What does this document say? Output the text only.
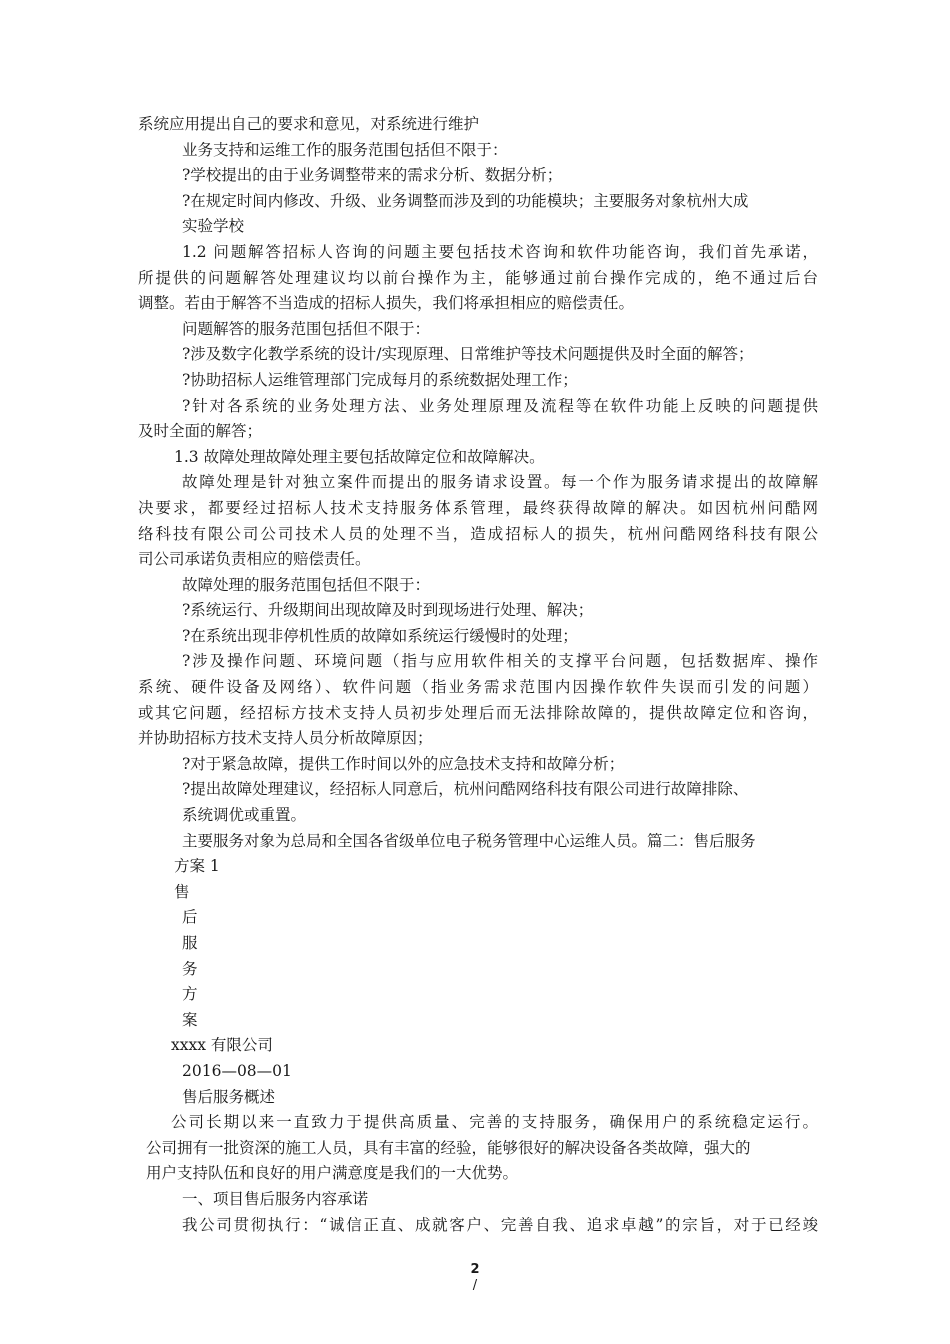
系统应用提出自己的要求和意见，对系统进行维护

业务支持和运维工作的服务范围包括但不限于：

?学校提出的由于业务调整带来的需求分析、数据分析；

?在规定时间内修改、升级、业务调整而涉及到的功能模块；主要服务对象杭州大成

实验学校

1.2 问题解答招标人咨询的问题主要包括技术咨询和软件功能咨询，我们首先承诺，

所提供的问题解答处理建议均以前台操作为主，能够通过前台操作完成的，绝不通过后台

调整。若由于解答不当造成的招标人损失，我们将承担相应的赔偿责任。

问题解答的服务范围包括但不限于：

?涉及数字化教学系统的设计/实现原理、日常维护等技术问题提供及时全面的解答；

?协助招标人运维管理部门完成每月的系统数据处理工作；

?针对各系统的业务处理方法、业务处理原理及流程等在软件功能上反映的问题提供

及时全面的解答；

1.3 故障处理故障处理主要包括故障定位和故障解决。

故障处理是针对独立案件而提出的服务请求设置。每一个作为服务请求提出的故障解

决要求，都要经过招标人技术支持服务体系管理，最终获得故障的解决。如因杭州问酷网

络科技有限公司公司技术人员的处理不当，造成招标人的损失，杭州问酷网络科技有限公

司公司承诺负责相应的赔偿责任。

故障处理的服务范围包括但不限于：

?系统运行、升级期间出现故障及时到现场进行处理、解决；

?在系统出现非停机性质的故障如系统运行缓慢时的处理；

?涉及操作问题、环境问题（指与应用软件相关的支撑平台问题，包括数据库、操作

系统、硬件设备及网络）、软件问题（指业务需求范围内因操作软件失误而引发的问题）

或其它问题，经招标方技术支持人员初步处理后而无法排除故障的，提供故障定位和咨询，

并协助招标方技术支持人员分析故障原因；

?对于紧急故障，提供工作时间以外的应急技术支持和故障分析；

?提出故障处理建议，经招标人同意后，杭州问酷网络科技有限公司进行故障排除、

系统调优或重置。

主要服务对象为总局和全国各省级单位电子税务管理中心运维人员。篇二：售后服务

方案 1

售

后

服

务

方

案

xxxx 有限公司

2016—08—01

售后服务概述

公司长期以来一直致力于提供高质量、完善的支持服务，确保用户的系统稳定运行。

公司拥有一批资深的施工人员，具有丰富的经验，能够很好的解决设备各类故障，强大的

用户支持队伍和良好的用户满意度是我们的一大优势。

一、项目售后服务内容承诺

我公司贯彻执行：“诚信正直、成就客户、完善自我、追求卓越”的宗旨，对于已经竣

2
/
